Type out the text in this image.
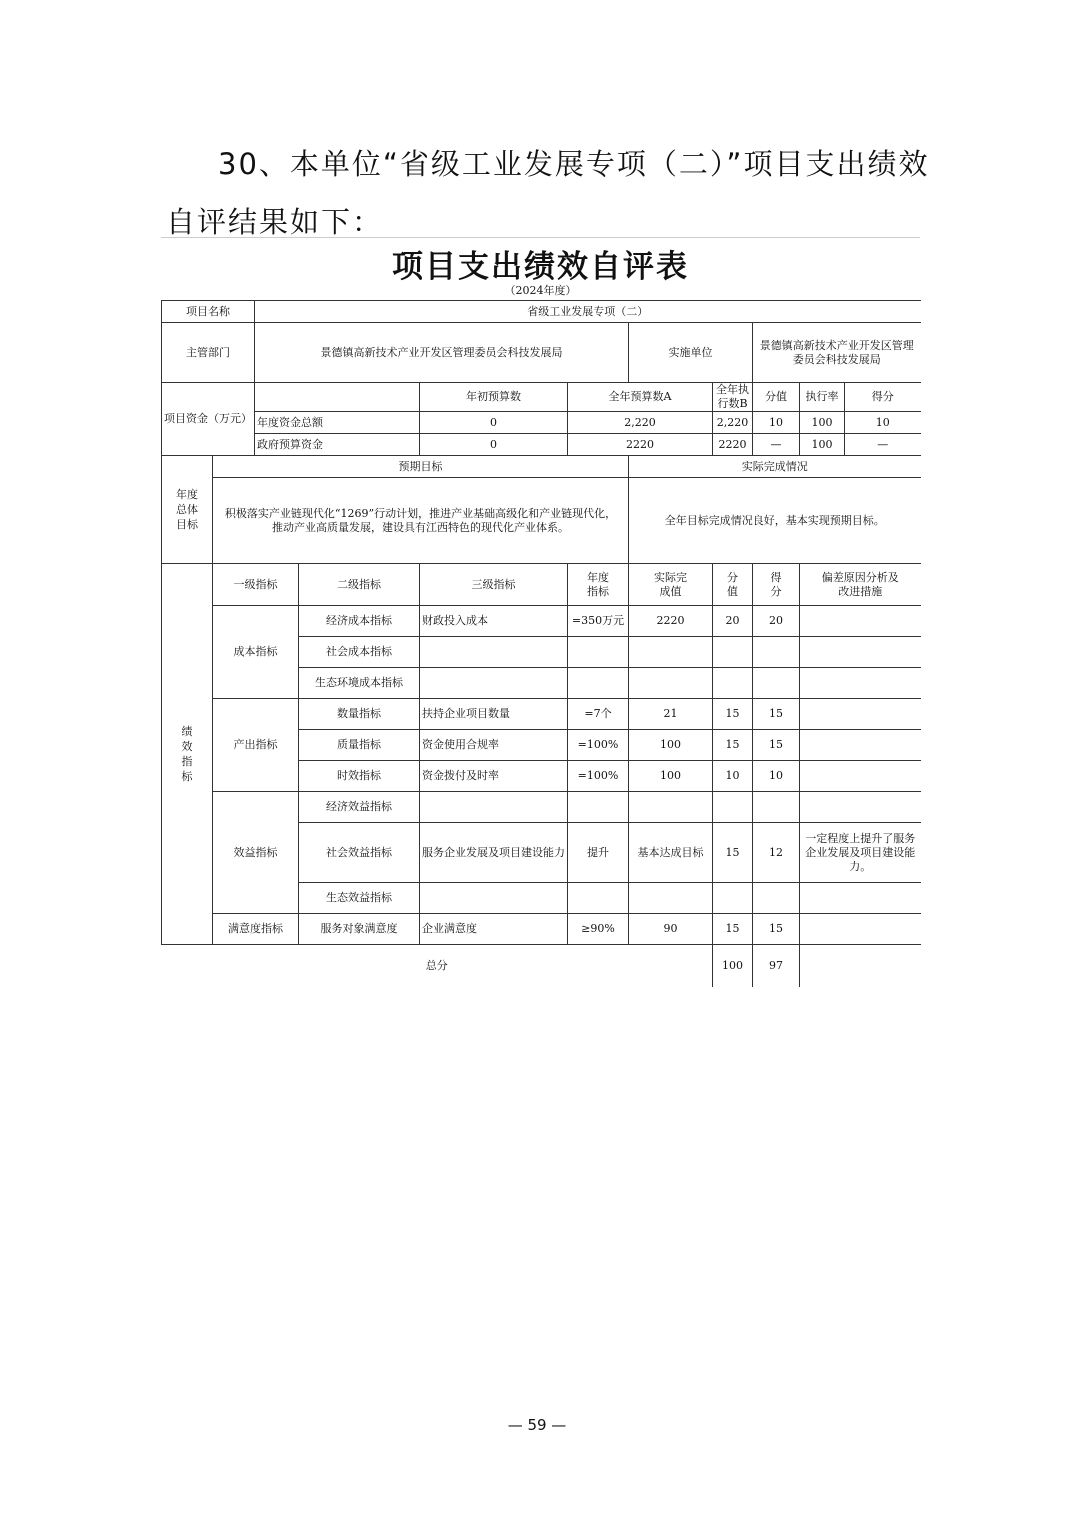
30、本单位“省级工业发展专项（二）”项目支出绩效
自评结果如下：
项目支出绩效自评表
（2024年度）
项目名称		省级工业发展专项（二）								
主管部门		景德镇高新技术产业开发区管理委员会科技发展局				实施单位		景德镇高新技术产业开发区管理委员会科技发展局		
项目资金（万元）				年初预算数	全年预算数A		全年执行数B	分值	执行率	得分
		年度资金总额		0	2,220		2,220	10	100	10
		政府预算资金		0	2220		2220	—	100	—
年度总体目标	预期目标					实际完成情况				
	积极落实产业链现代化“1269”行动计划，推进产业基础高级化和产业链现代化，推动产业高质量发展，建设具有江西特色的现代化产业体系。					全年目标完成情况良好，基本实现预期目标。				
绩效指标	一级指标		二级指标	三级指标	年度指标	实际完成值	分值	得分	偏差原因分析及改进措施	
	成本指标		经济成本指标	财政投入成本	=350万元	2220	20	20		
			社会成本指标							
			生态环境成本指标							
	产出指标		数量指标	扶持企业项目数量	=7个	21	15	15		
			质量指标	资金使用合规率	=100%	100	15	15		
			时效指标	资金拨付及时率	=100%	100	10	10		
	效益指标		经济效益指标							
			社会效益指标	服务企业发展及项目建设能力	提升	基本达成目标	15	12	一定程度上提升了服务企业发展及项目建设能力。	
			生态效益指标							
	满意度指标		服务对象满意度	企业满意度	≥90%	90	15	15		
总分							100	97		
— 59 —
